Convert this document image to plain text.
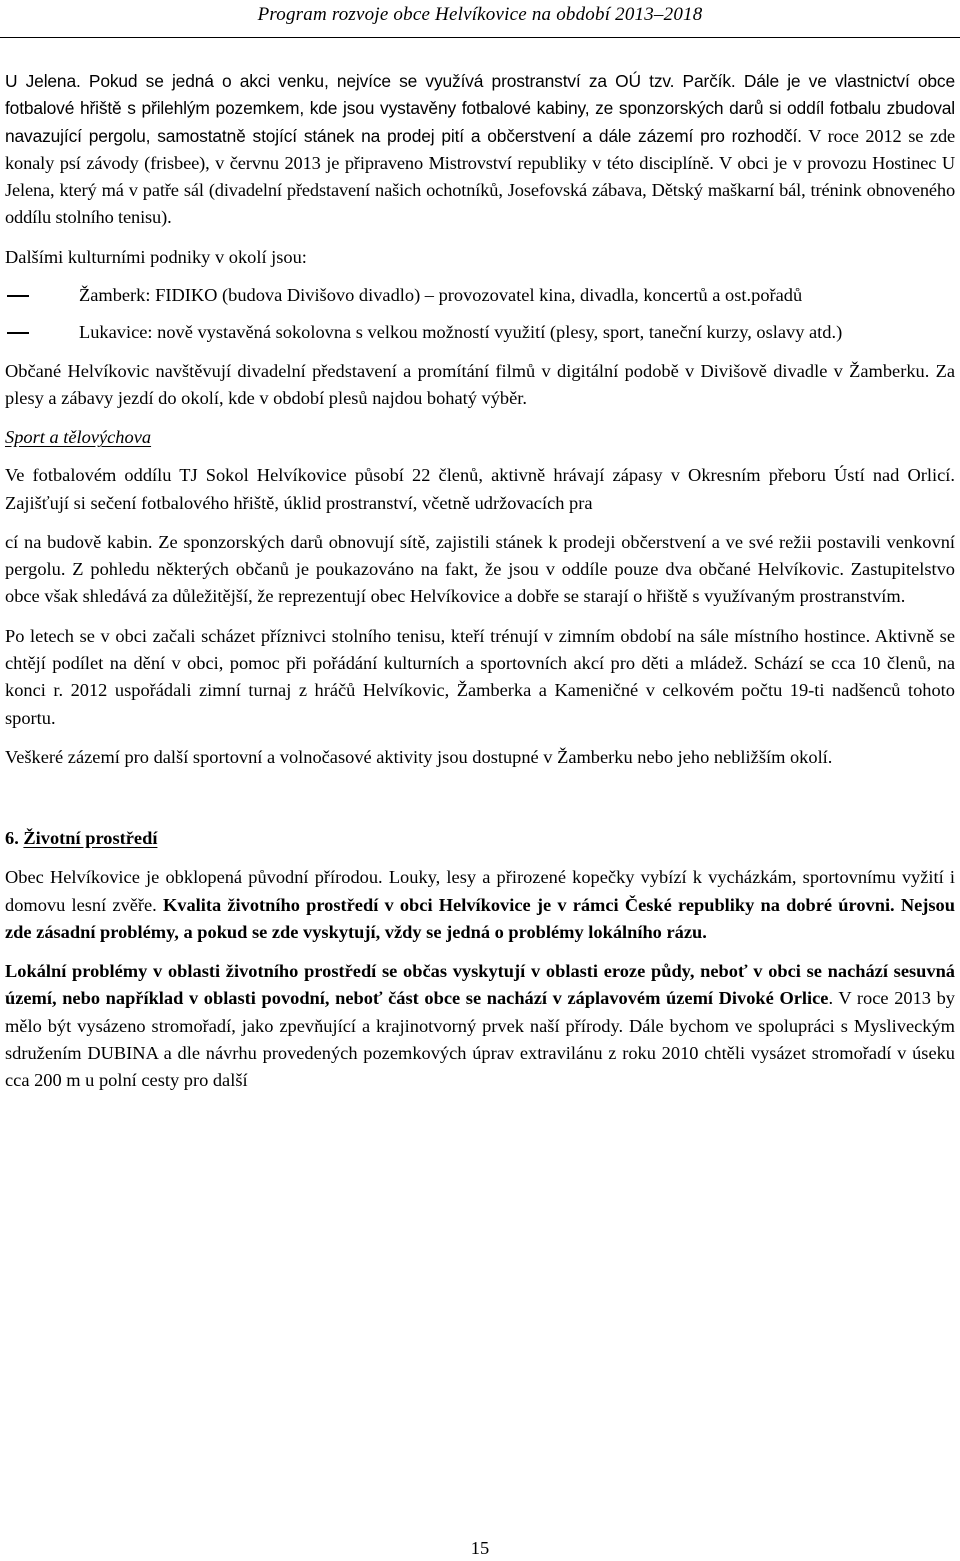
Program rozvoje obce Helvíkovice na období 2013–2018

U Jelena. Pokud se jedná o akci venku, nejvíce se využívá prostranství za OÚ tzv. Parčík. Dále je ve vlastnictví obce fotbalové hřiště s přilehlým pozemkem, kde jsou vystavěny fotbalové kabiny, ze sponzorských darů si oddíl fotbalu zbudoval navazující pergolu, samostatně stojící stánek na prodej pití a občerstvení a dále zázemí pro rozhodčí. V roce 2012 se zde konaly psí závody (frisbee), v červnu 2013 je připraveno Mistrovství republiky v této disciplíně. V obci je v provozu Hostinec U Jelena, který má v patře sál (divadelní představení našich ochotníků, Josefovská zábava, Dětský maškarní bál, trénink obnoveného oddílu stolního tenisu).

Dalšími kulturními podniky v okolí jsou:

Žamberk: FIDIKO (budova Divišovo divadlo) – provozovatel kina, divadla, koncertů a ost.pořadů
Lukavice: nově vystavěná sokolovna s velkou možností využití (plesy, sport, taneční kurzy, oslavy atd.)

Občané Helvíkovic navštěvují divadelní představení a promítání filmů v digitální podobě v Divišově divadle v Žamberku. Za plesy a zábavy jezdí do okolí, kde v období plesů najdou bohatý výběr.

Sport a tělovýchova

Ve fotbalovém oddílu TJ Sokol Helvíkovice působí 22 členů, aktivně hrávají zápasy v Okresním přeboru Ústí nad Orlicí. Zajišťují si sečení fotbalového hřiště, úklid prostranství, včetně udržovacích pra

cí na budově kabin. Ze sponzorských darů obnovují sítě, zajistili stánek k prodeji občerstvení a ve své režii postavili venkovní pergolu. Z pohledu některých občanů je poukazováno na fakt, že jsou v oddíle pouze dva občané Helvíkovic. Zastupitelstvo obce však shledává za důležitější, že reprezentují obec Helvíkovice a dobře se starají o hřiště s využívaným prostranstvím.

Po letech se v obci začali scházet příznivci stolního tenisu, kteří trénují v zimním období na sále místního hostince. Aktivně se chtějí podílet na dění v obci, pomoc při pořádání kulturních a sportovních akcí pro děti a mládež. Schází se cca 10 členů, na konci r. 2012 uspořádali zimní turnaj z hráčů Helvíkovic, Žamberka a Kameničné v celkovém počtu 19-ti nadšenců tohoto sportu.

Veškeré zázemí pro další sportovní a volnočasové aktivity jsou dostupné v Žamberku nebo jeho nebližším okolí.

6. Životní prostředí

Obec Helvíkovice je obklopená původní přírodou. Louky, lesy a přirozené kopečky vybízí k vycházkám, sportovnímu vyžití i domovu lesní zvěře. Kvalita životního prostředí v obci Helvíkovice je v rámci České republiky na dobré úrovni. Nejsou zde zásadní problémy, a pokud se zde vyskytují, vždy se jedná o problémy lokálního rázu.

Lokální problémy v oblasti životního prostředí se občas vyskytují v oblasti eroze půdy, neboť v obci se nachází sesuvná území, nebo například v oblasti povodní, neboť část obce se nachází v záplavovém území Divoké Orlice. V roce 2013 by mělo být vysázeno stromořadí, jako zpevňující a krajinotvorný prvek naší přírody. Dále bychom ve spolupráci s Mysliveckým sdružením DUBINA a dle návrhu provedených pozemkových úprav extravilánu z roku 2010 chtěli vysázet stromořadí v úseku cca 200 m u polní cesty pro další

15
